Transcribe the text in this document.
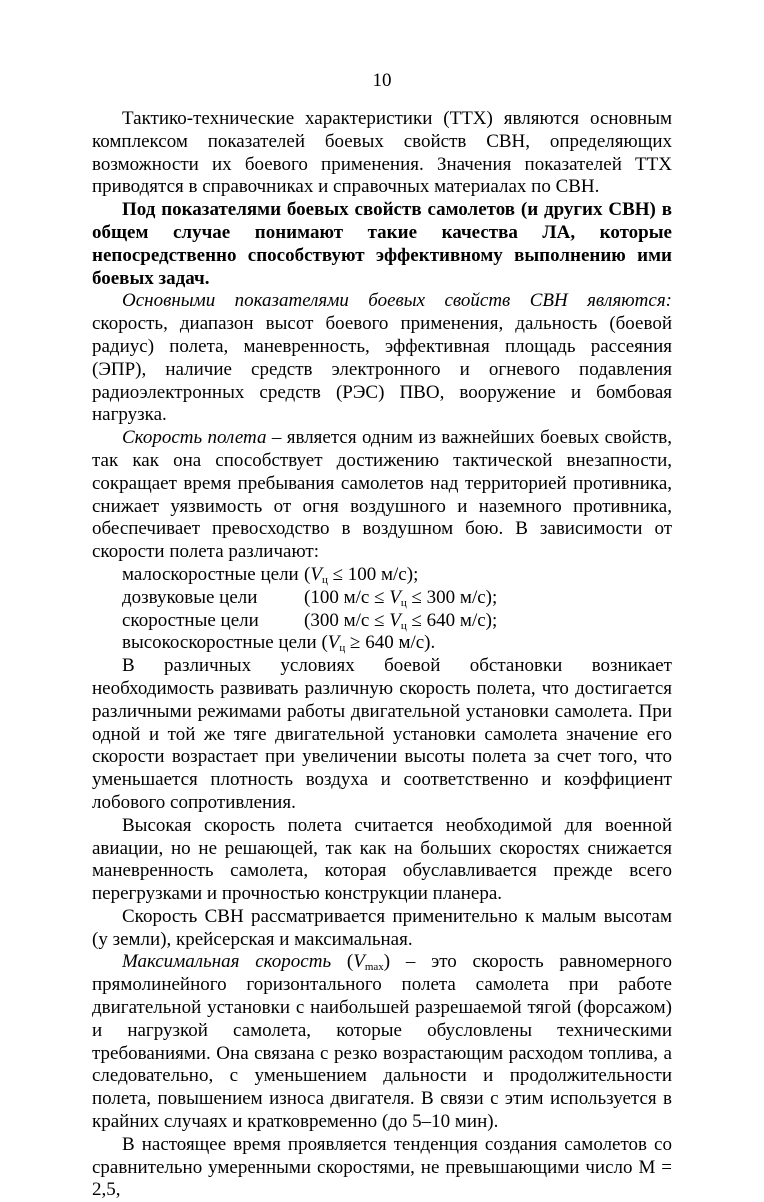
10

Тактико-технические характеристики (ТТХ) являются основным комплексом показателей боевых свойств СВН, определяющих возможности их боевого применения. Значения показателей ТТХ приводятся в справочниках и справочных материалах по СВН.

Под показателями боевых свойств самолетов (и других СВН) в общем случае понимают такие качества ЛА, которые непосредственно способствуют эффективному выполнению ими боевых задач.

Основными показателями боевых свойств СВН являются: скорость, диапазон высот боевого применения, дальность (боевой радиус) полета, маневренность, эффективная площадь рассеяния (ЭПР), наличие средств электронного и огневого подавления радиоэлектронных средств (РЭС) ПВО, вооружение и бомбовая нагрузка.

Скорость полета – является одним из важнейших боевых свойств, так как она способствует достижению тактической внезапности, сокращает время пребывания самолетов над территорией противника, снижает уязвимость от огня воздушного и наземного противника, обеспечивает превосходство в воздушном бою. В зависимости от скорости полета различают:

малоскоростные цели ($V_ц \le 100$ м/с);
дозвуковые цели	(100 $м/с \le V_ц \le 300$ м/с);
скоростные цели	(300 $м/с \le V_ц \le 640$ м/с);
высокоскоростные цели ($V_ц \ge 640$ м/с).

В различных условиях боевой обстановки возникает необходимость развивать различную скорость полета, что достигается различными режимами работы двигательной установки самолета. При одной и той же тяге двигательной установки самолета значение его скорости возрастает при увеличении высоты полета за счет того, что уменьшается плотность воздуха и соответственно и коэффициент лобового сопротивления.

Высокая скорость полета считается необходимой для военной авиации, но не решающей, так как на больших скоростях снижается маневренность самолета, которая обуславливается прежде всего перегрузками и прочностью конструкции планера.

Скорость СВН рассматривается применительно к малым высотам (у земли), крейсерская и максимальная.

Максимальная скорость $(V_{max})$ – это скорость равномерного прямолинейного горизонтального полета самолета при работе двигательной установки с наибольшей разрешаемой тягой (форсажом) и нагрузкой самолета, которые обусловлены техническими требованиями. Она связана с резко возрастающим расходом топлива, а следовательно, с уменьшением дальности и продолжительности полета, повышением износа двигателя. В связи с этим используется в крайних случаях и кратковременно (до 5–10 мин).

В настоящее время проявляется тенденция создания самолетов со сравнительно умеренными скоростями, не превышающими число М = 2,5,
